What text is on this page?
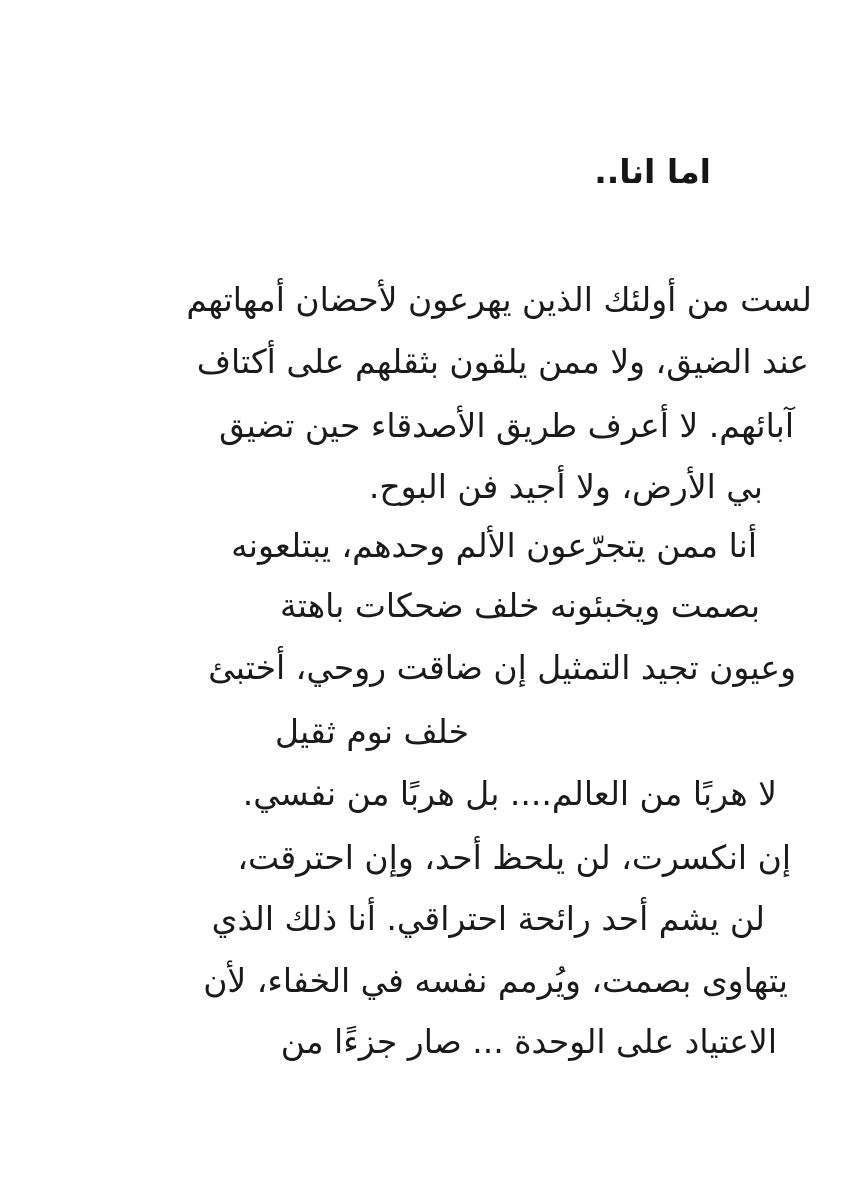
اما انا..
لست من أولئك الذين يهرعون لأحضان أمهاتهم
عند الضيق، ولا ممن يلقون بثقلهم على أكتاف
آبائهم. لا أعرف طريق الأصدقاء حين تضيق
بي الأرض، ولا أجيد فن البوح.
أنا ممن يتجرّعون الألم وحدهم، يبتلعونه
بصمت ويخبئونه خلف ضحكات باهتة
وعيون تجيد التمثيل إن ضاقت روحي، أختبئ
خلف نوم ثقيل
لا هربًا من العالم.... بل هربًا من نفسي.
إن انكسرت، لن يلحظ أحد، وإن احترقت،
لن يشم أحد رائحة احتراقي. أنا ذلك الذي
يتهاوى بصمت، ويُرمم نفسه في الخفاء، لأن
الاعتياد على الوحدة ... صار جزءًا من
